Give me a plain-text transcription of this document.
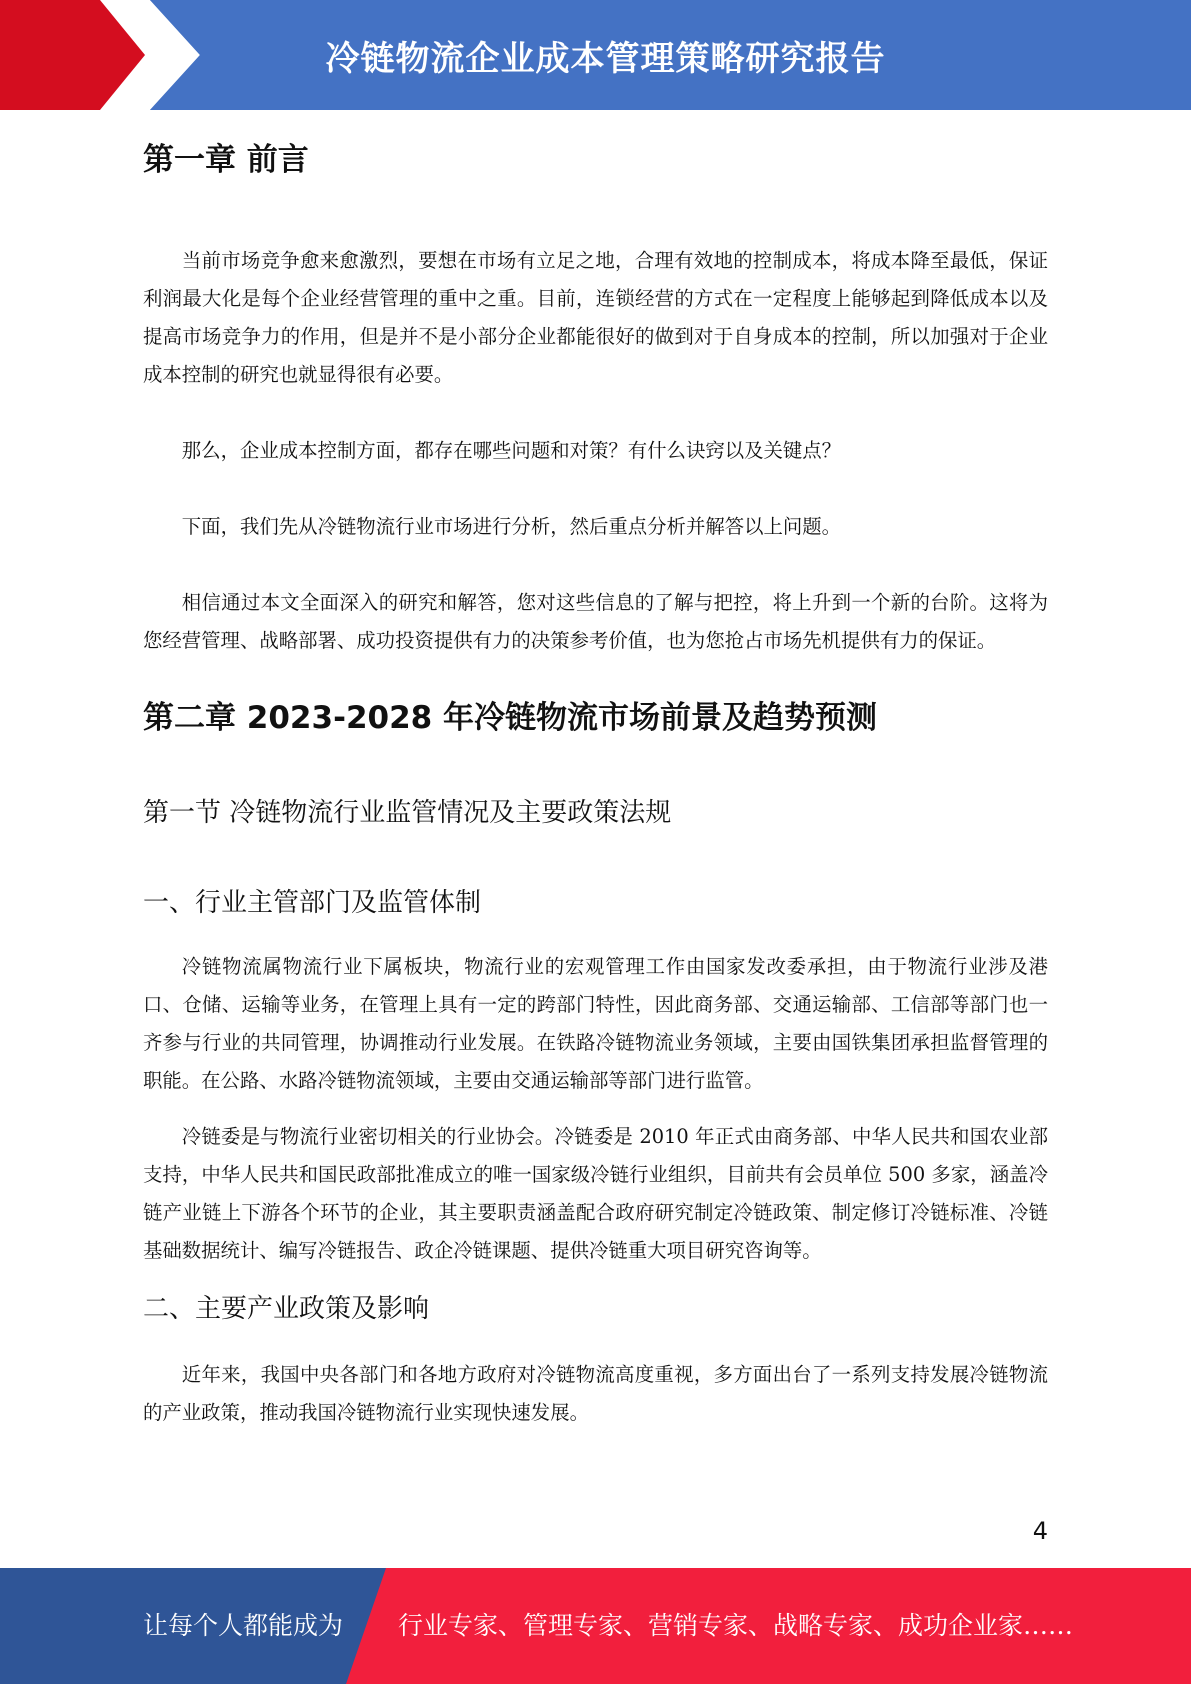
冷链物流企业成本管理策略研究报告
第一章 前言

当前市场竞争愈来愈激烈，要想在市场有立足之地，合理有效地的控制成本，将成本降至最低，保证利润最大化是每个企业经营管理的重中之重。目前，连锁经营的方式在一定程度上能够起到降低成本以及提高市场竞争力的作用，但是并不是小部分企业都能很好的做到对于自身成本的控制，所以加强对于企业成本控制的研究也就显得很有必要。

那么，企业成本控制方面，都存在哪些问题和对策？有什么诀窍以及关键点？

下面，我们先从冷链物流行业市场进行分析，然后重点分析并解答以上问题。

相信通过本文全面深入的研究和解答，您对这些信息的了解与把控，将上升到一个新的台阶。这将为您经营管理、战略部署、成功投资提供有力的决策参考价值，也为您抢占市场先机提供有力的保证。

第二章 2023-2028 年冷链物流市场前景及趋势预测
第一节 冷链物流行业监管情况及主要政策法规
一、行业主管部门及监管体制

冷链物流属物流行业下属板块，物流行业的宏观管理工作由国家发改委承担，由于物流行业涉及港口、仓储、运输等业务，在管理上具有一定的跨部门特性，因此商务部、交通运输部、工信部等部门也一齐参与行业的共同管理，协调推动行业发展。在铁路冷链物流业务领域，主要由国铁集团承担监督管理的职能。在公路、水路冷链物流领域，主要由交通运输部等部门进行监管。

冷链委是与物流行业密切相关的行业协会。冷链委是 2010 年正式由商务部、中华人民共和国农业部支持，中华人民共和国民政部批准成立的唯一国家级冷链行业组织，目前共有会员单位 500 多家，涵盖冷链产业链上下游各个环节的企业，其主要职责涵盖配合政府研究制定冷链政策、制定修订冷链标准、冷链基础数据统计、编写冷链报告、政企冷链课题、提供冷链重大项目研究咨询等。

二、主要产业政策及影响

近年来，我国中央各部门和各地方政府对冷链物流高度重视，多方面出台了一系列支持发展冷链物流的产业政策，推动我国冷链物流行业实现快速发展。

4
让每个人都能成为 行业专家、管理专家、营销专家、战略专家、成功企业家……
